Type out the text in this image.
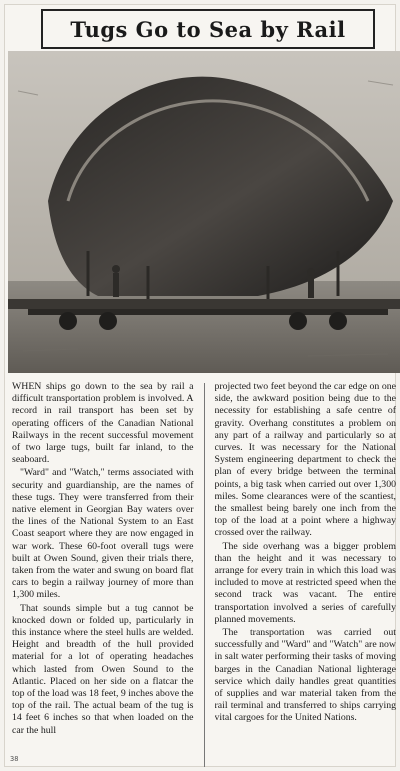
Tugs Go to Sea by Rail

WHEN ships go down to the sea by rail a difficult transportation problem is involved. A record in rail transport has been set by operating officers of the Canadian National Railways in the recent successful movement of two large tugs, built far inland, to the seaboard.

"Ward" and "Watch," terms associated with security and guardianship, are the names of these tugs. They were transferred from their native element in Georgian Bay waters over the lines of the National System to an East Coast seaport where they are now engaged in war work. These 60-foot overall tugs were built at Owen Sound, given their trials there, taken from the water and swung on board flat cars to begin a railway journey of more than 1,300 miles.

That sounds simple but a tug cannot be knocked down or folded up, particularly in this instance where the steel hulls are welded. Height and breadth of the hull provided material for a lot of operating headaches which lasted from Owen Sound to the Atlantic. Placed on her side on a flatcar the top of the load was 18 feet, 9 inches above the top of the rail. The actual beam of the tug is 14 feet 6 inches so that when loaded on the car the hull

projected two feet beyond the car edge on one side, the awkward position being due to the necessity for establishing a safe centre of gravity. Overhang constitutes a problem on any part of a railway and particularly so at curves. It was necessary for the National System engineering department to check the plan of every bridge between the terminal points, a big task when carried out over 1,300 miles. Some clearances were of the scantiest, the smallest being barely one inch from the top of the load at a point where a highway crossed over the railway.

The side overhang was a bigger problem than the height and it was necessary to arrange for every train in which this load was included to move at restricted speed when the second track was vacant. The entire transportation involved a series of carefully planned movements.

The transportation was carried out successfully and "Ward" and "Watch" are now in salt water performing their tasks of moving barges in the Canadian National lighterage service which daily handles great quantities of supplies and war material taken from the rail terminal and transferred to ships carrying vital cargoes for the United Nations.

38
